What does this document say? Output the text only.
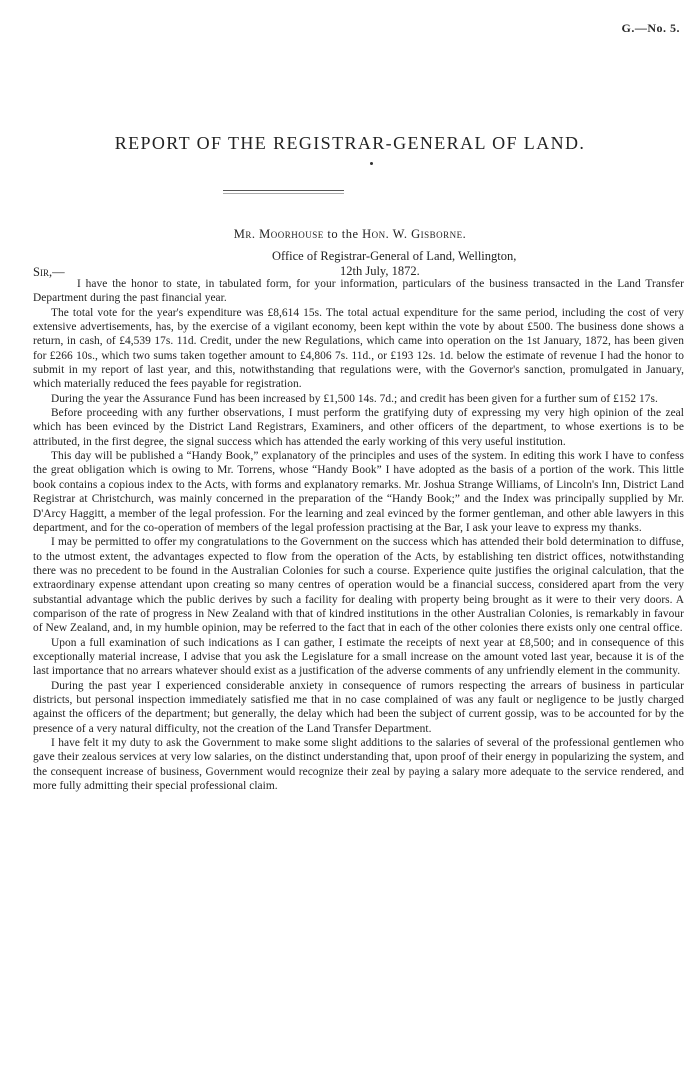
G.—No. 5.
REPORT OF THE REGISTRAR-GENERAL OF LAND.
Mr. Moorhouse to the Hon. W. Gisborne.
Office of Registrar-General of Land, Wellington,
12th July, 1872.
Sir,—

I have the honor to state, in tabulated form, for your information, particulars of the business transacted in the Land Transfer Department during the past financial year.

The total vote for the year's expenditure was £8,614 15s. The total actual expenditure for the same period, including the cost of very extensive advertisements, has, by the exercise of a vigilant economy, been kept within the vote by about £500. The business done shows a return, in cash, of £4,539 17s. 11d. Credit, under the new Regulations, which came into operation on the 1st January, 1872, has been given for £266 10s., which two sums taken together amount to £4,806 7s. 11d., or £193 12s. 1d. below the estimate of revenue I had the honor to submit in my report of last year, and this, notwithstanding that regulations were, with the Governor's sanction, promulgated in January, which materially reduced the fees payable for registration.

During the year the Assurance Fund has been increased by £1,500 14s. 7d.; and credit has been given for a further sum of £152 17s.

Before proceeding with any further observations, I must perform the gratifying duty of expressing my very high opinion of the zeal which has been evinced by the District Land Registrars, Examiners, and other officers of the department, to whose exertions is to be attributed, in the first degree, the signal success which has attended the early working of this very useful institution.

This day will be published a “Handy Book,” explanatory of the principles and uses of the system. In editing this work I have to confess the great obligation which is owing to Mr. Torrens, whose “Handy Book” I have adopted as the basis of a portion of the work. This little book contains a copious index to the Acts, with forms and explanatory remarks. Mr. Joshua Strange Williams, of Lincoln's Inn, District Land Registrar at Christchurch, was mainly concerned in the preparation of the “Handy Book;” and the Index was principally supplied by Mr. D'Arcy Haggitt, a member of the legal profession. For the learning and zeal evinced by the former gentleman, and other able lawyers in this department, and for the co-operation of members of the legal profession practising at the Bar, I ask your leave to express my thanks.

I may be permitted to offer my congratulations to the Government on the success which has attended their bold determination to diffuse, to the utmost extent, the advantages expected to flow from the operation of the Acts, by establishing ten district offices, notwithstanding there was no precedent to be found in the Australian Colonies for such a course. Experience quite justifies the original calculation, that the extraordinary expense attendant upon creating so many centres of operation would be a financial success, considered apart from the very substantial advantage which the public derives by such a facility for dealing with property being brought as it were to their very doors. A comparison of the rate of progress in New Zealand with that of kindred institutions in the other Australian Colonies, is remarkably in favour of New Zealand, and, in my humble opinion, may be referred to the fact that in each of the other colonies there exists only one central office.

Upon a full examination of such indications as I can gather, I estimate the receipts of next year at £8,500; and in consequence of this exceptionally material increase, I advise that you ask the Legislature for a small increase on the amount voted last year, because it is of the last importance that no arrears whatever should exist as a justification of the adverse comments of any unfriendly element in the community.

During the past year I experienced considerable anxiety in consequence of rumors respecting the arrears of business in particular districts, but personal inspection immediately satisfied me that in no case complained of was any fault or negligence to be justly charged against the officers of the department; but generally, the delay which had been the subject of current gossip, was to be accounted for by the presence of a very natural difficulty, not the creation of the Land Transfer Department.

I have felt it my duty to ask the Government to make some slight additions to the salaries of several of the professional gentlemen who gave their zealous services at very low salaries, on the distinct understanding that, upon proof of their energy in popularizing the system, and the consequent increase of business, Government would recognize their zeal by paying a salary more adequate to the service rendered, and more fully admitting their special professional claim.
